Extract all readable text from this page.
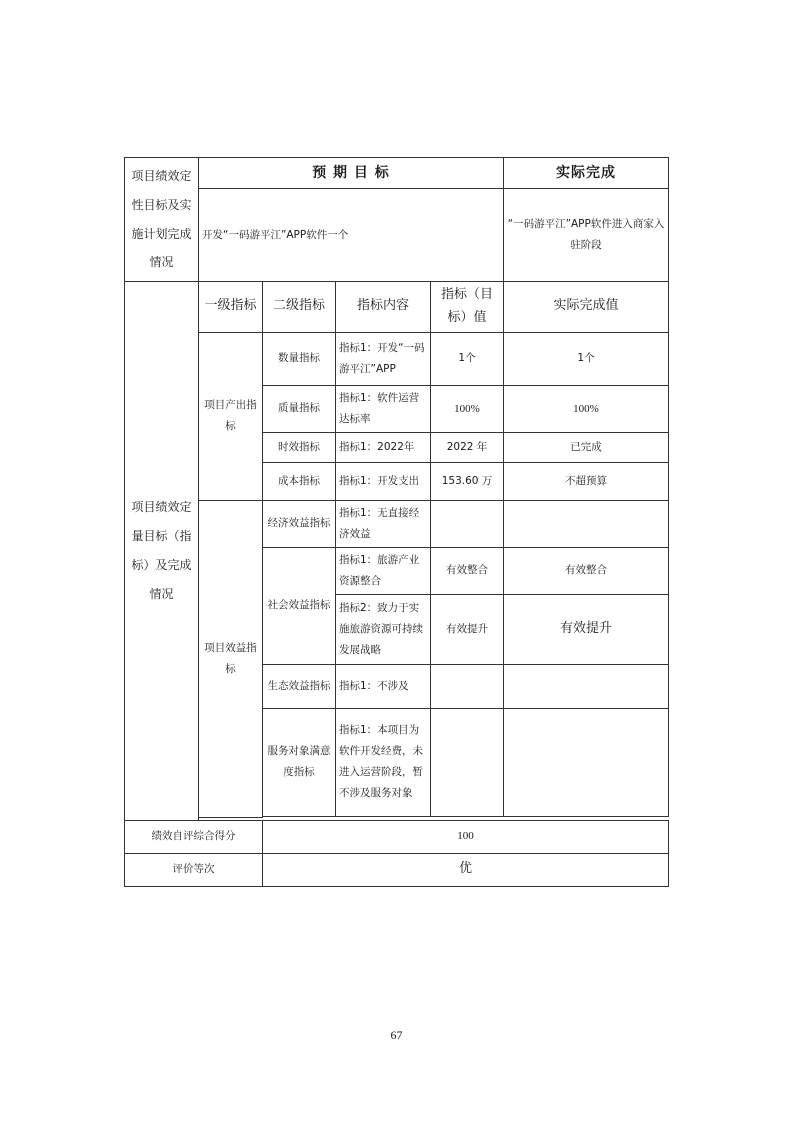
项目绩效定性目标及实施计划完成情况	预 期 目 标				实际完成	
	开发“一码游平江”APP软件一个				“一码游平江”APP软件进入商家入驻阶段	
项目绩效定量目标（指标）及完成情况	一级指标	二级指标	指标内容	指标（目标）值	实际完成值	
	项目产出指标	数量指标	指标1：开发“一码游平江”APP	1个	1个	
		质量指标	指标1：软件运营达标率	100%	100%	
		时效指标	指标1：2022年	2022 年	已完成	
		成本指标	指标1：开发支出	153.60 万	不超预算	
	项目效益指标	经济效益指标	指标1：无直接经济效益			
		社会效益指标	指标1：旅游产业资源整合	有效整合	有效整合	
			指标2：致力于实施旅游资源可持续发展战略	有效提升	有效提升	
		生态效益指标	指标1：不涉及			
		服务对象满意度指标	指标1：本项目为软件开发经费，未进入运营阶段，暂不涉及服务对象			

绩效自评综合得分		100				
评价等次		优				
67
